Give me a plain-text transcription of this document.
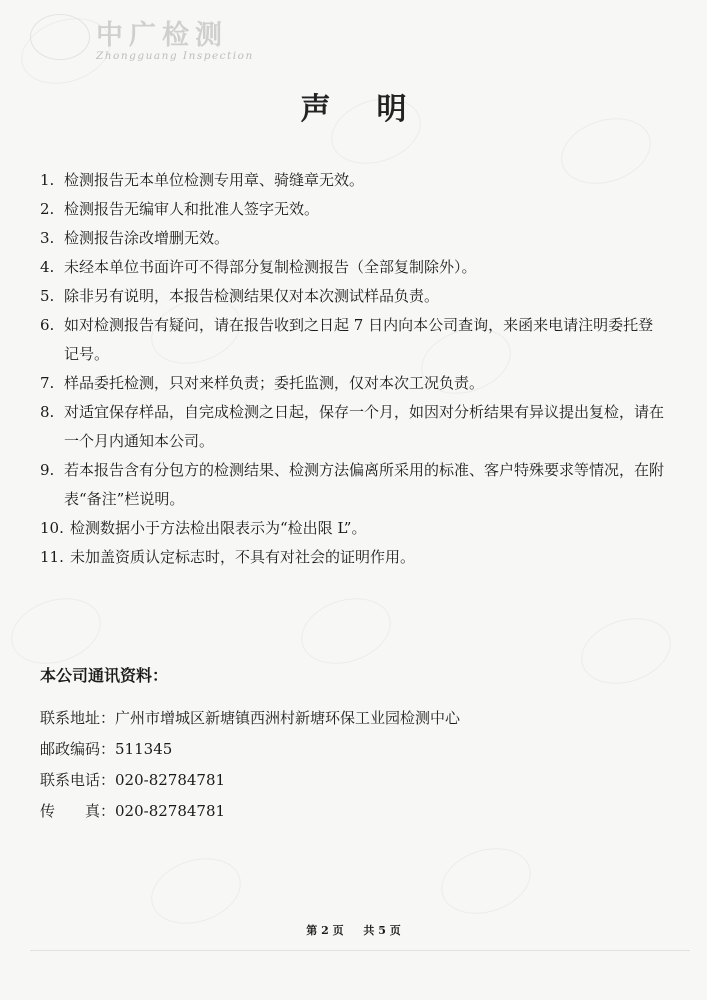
中广检测
Zhongguang Inspection
声明
1. 检测报告无本单位检测专用章、骑缝章无效。
2. 检测报告无编审人和批准人签字无效。
3. 检测报告涂改增删无效。
4. 未经本单位书面许可不得部分复制检测报告（全部复制除外）。
5. 除非另有说明，本报告检测结果仅对本次测试样品负责。
6. 如对检测报告有疑问，请在报告收到之日起 7 日内向本公司查询，来函来电请注明委托登记号。
7. 样品委托检测，只对来样负责；委托监测，仅对本次工况负责。
8. 对适宜保存样品，自完成检测之日起，保存一个月，如因对分析结果有异议提出复检，请在一个月内通知本公司。
9. 若本报告含有分包方的检测结果、检测方法偏离所采用的标准、客户特殊要求等情况，在附表“备注”栏说明。
10. 检测数据小于方法检出限表示为“检出限 L”。
11. 未加盖资质认定标志时，不具有对社会的证明作用。
本公司通讯资料：
联系地址：广州市增城区新塘镇西洲村新塘环保工业园检测中心
邮政编码：511345
联系电话：020-82784781
传　　真：020-82784781
第 2 页 共 5 页
